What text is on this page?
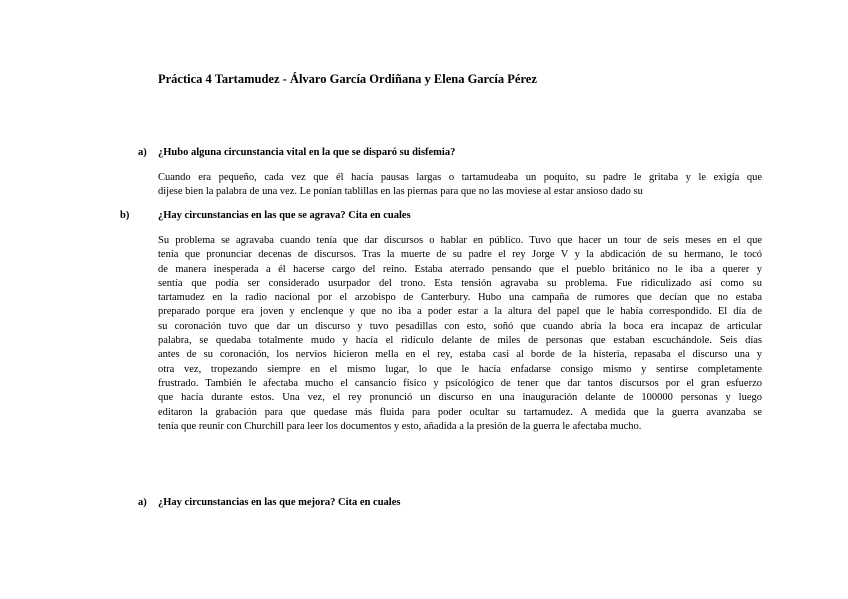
Práctica 4 Tartamudez - Álvaro García Ordiñana y Elena García Pérez
a) ¿Hubo alguna circunstancia vital en la que se disparó su disfemia?
Cuando era pequeño, cada vez que él hacía pausas largas o tartamudeaba un poquito, su padre le gritaba y le exigía que
dijese bien la palabra de una vez. Le ponían tablillas en las piernas para que no las moviese al estar ansioso dado su
b)	¿Hay circunstancias en las que se agrava? Cita en cuales
Su problema se agravaba cuando tenía que dar discursos o hablar en público. Tuvo que hacer un tour de seis meses en el que
tenía que pronunciar decenas de discursos. Tras la muerte de su padre el rey Jorge V y la abdicación de su hermano, le tocó
de manera inesperada a él hacerse cargo del reino. Estaba aterrado pensando que el pueblo británico no le iba a querer y
sentía que podía ser considerado usurpador del trono. Esta tensión agravaba su problema. Fue ridiculizado así como su
tartamudez en la radio nacional por el arzobispo de Canterbury. Hubo una campaña de rumores que decían que no estaba
preparado porque era joven y enclenque y que no iba a poder estar a la altura del papel que le había correspondido. El día de
su coronación tuvo que dar un discurso y tuvo pesadillas con esto, soñó que cuando abría la boca era incapaz de articular
palabra, se quedaba totalmente mudo y hacía el ridículo delante de miles de personas que estaban escuchándole. Seis días
antes de su coronación, los nervios hicieron mella en el rey, estaba casi al borde de la histeria, repasaba el discurso una y
otra vez, tropezando siempre en el mismo lugar, lo que le hacía enfadarse consigo mismo y sentirse completamente
frustrado. También le afectaba mucho el cansancio físico y psicológico de tener que dar tantos discursos por el gran esfuerzo
que hacía durante estos. Una vez, el rey pronunció un discurso en una inauguración delante de 100000 personas y luego
editaron la grabación para que quedase más fluida para poder ocultar su tartamudez. A medida que la guerra avanzaba se
tenía que reunir con Churchill para leer los documentos y esto, añadida a la presión de la guerra le afectaba mucho.
a) ¿Hay circunstancias en las que mejora? Cita en cuales
